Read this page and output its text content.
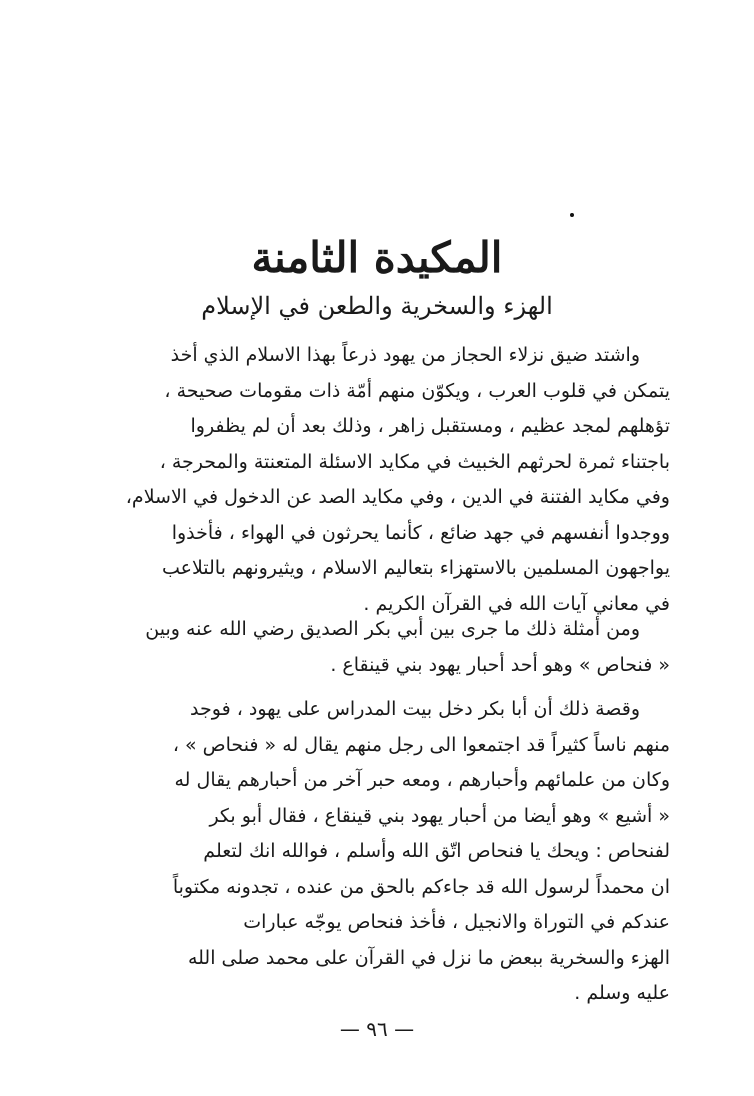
المكيدة الثامنة
الهزء والسخرية والطعن في الإسلام
واشتد ضيق نزلاء الحجاز من يهود ذرعاً بهذا الاسلام الذي أخذ
يتمكن في قلوب العرب ، ويكوّن منهم أمّة ذات مقومات صحيحة ،
تؤهلهم لمجد عظيم ، ومستقبل زاهر ، وذلك بعد أن لم يظفروا
باجتناء ثمرة لحرثهم الخبيث في مكايد الاسئلة المتعنتة والمحرجة ،
وفي مكايد الفتنة في الدين ، وفي مكايد الصد عن الدخول في الاسلام،
ووجدوا أنفسهم في جهد ضائع ، كأنما يحرثون في الهواء ، فأخذوا
يواجهون المسلمين بالاستهزاء بتعاليم الاسلام ، ويثيرونهم بالتلاعب
في معاني آيات الله في القرآن الكريم .
ومن أمثلة ذلك ما جرى بين أبي بكر الصديق رضي الله عنه وبين
« فنحاص » وهو أحد أحبار يهود بني قينقاع .
وقصة ذلك أن أبا بكر دخل بيت المدراس على يهود ، فوجد
منهم ناساً كثيراً قد اجتمعوا الى رجل منهم يقال له « فنحاص » ،
وكان من علمائهم وأحبارهم ، ومعه حبر آخر من أحبارهم يقال له
« أشيع » وهو أيضا من أحبار يهود بني قينقاع ، فقال أبو بكر
لفنحاص : ويحك يا فنحاص اتّق الله وأسلم ، فوالله انك لتعلم
ان محمداً لرسول الله قد جاءكم بالحق من عنده ، تجدونه مكتوباً
عندكم في التوراة والانجيل ، فأخذ فنحاص يوجّه عبارات
الهزء والسخرية ببعض ما نزل في القرآن على محمد صلى الله
عليه وسلم .
— ٩٦ —
